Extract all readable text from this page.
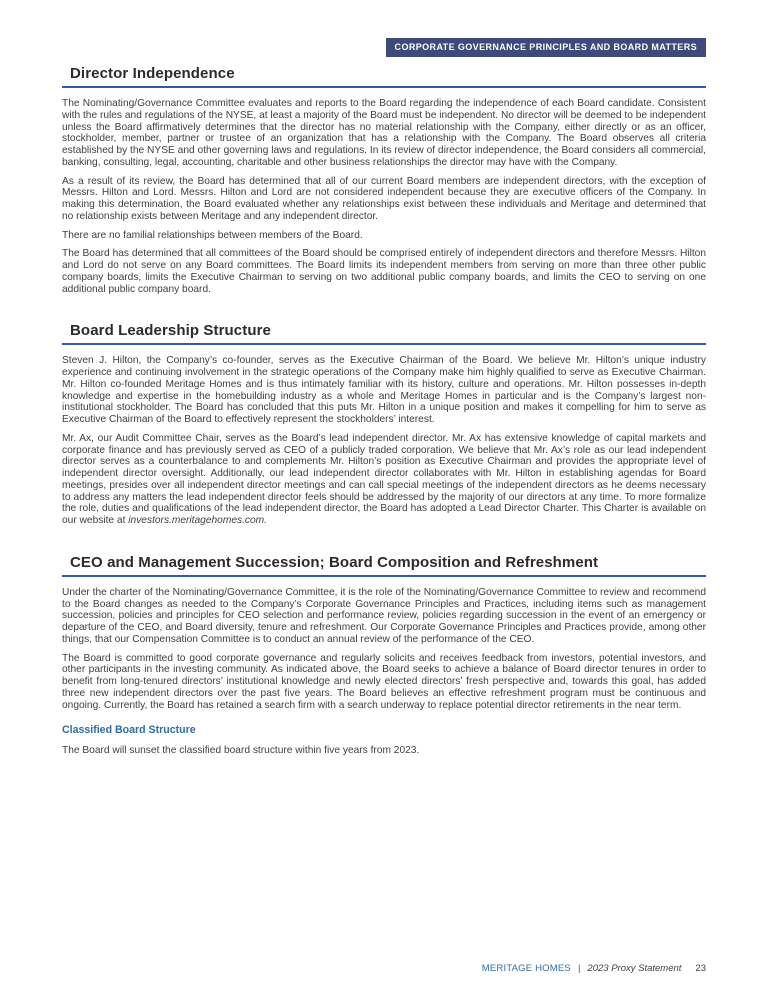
CORPORATE GOVERNANCE PRINCIPLES AND BOARD MATTERS
Director Independence

The Nominating/Governance Committee evaluates and reports to the Board regarding the independence of each Board candidate. Consistent with the rules and regulations of the NYSE, at least a majority of the Board must be independent. No director will be deemed to be independent unless the Board affirmatively determines that the director has no material relationship with the Company, either directly or as an officer, stockholder, member, partner or trustee of an organization that has a relationship with the Company. The Board observes all criteria established by the NYSE and other governing laws and regulations. In its review of director independence, the Board considers all commercial, banking, consulting, legal, accounting, charitable and other business relationships the director may have with the Company.

As a result of its review, the Board has determined that all of our current Board members are independent directors, with the exception of Messrs. Hilton and Lord. Messrs. Hilton and Lord are not considered independent because they are executive officers of the Company. In making this determination, the Board evaluated whether any relationships exist between these individuals and Meritage and determined that no relationship exists between Meritage and any independent director.

There are no familial relationships between members of the Board.

The Board has determined that all committees of the Board should be comprised entirely of independent directors and therefore Messrs. Hilton and Lord do not serve on any Board committees. The Board limits its independent members from serving on more than three other public company boards, limits the Executive Chairman to serving on two additional public company boards, and limits the CEO to serving on one additional public company board.

Board Leadership Structure

Steven J. Hilton, the Company’s co-founder, serves as the Executive Chairman of the Board. We believe Mr. Hilton’s unique industry experience and continuing involvement in the strategic operations of the Company make him highly qualified to serve as Executive Chairman. Mr. Hilton co-founded Meritage Homes and is thus intimately familiar with its history, culture and operations. Mr. Hilton possesses in-depth knowledge and expertise in the homebuilding industry as a whole and Meritage Homes in particular and is the Company’s largest non-institutional stockholder. The Board has concluded that this puts Mr. Hilton in a unique position and makes it compelling for him to serve as Executive Chairman of the Board to effectively represent the stockholders’ interest.

Mr. Ax, our Audit Committee Chair, serves as the Board’s lead independent director. Mr. Ax has extensive knowledge of capital markets and corporate finance and has previously served as CEO of a publicly traded corporation. We believe that Mr. Ax’s role as our lead independent director serves as a counterbalance to and complements Mr. Hilton’s position as Executive Chairman and provides the appropriate level of independent director oversight. Additionally, our lead independent director collaborates with Mr. Hilton in establishing agendas for Board meetings, presides over all independent director meetings and can call special meetings of the independent directors as he deems necessary to address any matters the lead independent director feels should be addressed by the majority of our directors at any time. To more formalize the role, duties and qualifications of the lead independent director, the Board has adopted a Lead Director Charter. This Charter is available on our website at investors.meritagehomes.com.

CEO and Management Succession; Board Composition and Refreshment

Under the charter of the Nominating/Governance Committee, it is the role of the Nominating/Governance Committee to review and recommend to the Board changes as needed to the Company’s Corporate Governance Principles and Practices, including items such as management succession, policies and principles for CEO selection and performance review, policies regarding succession in the event of an emergency or departure of the CEO, and Board diversity, tenure and refreshment. Our Corporate Governance Principles and Practices provide, among other things, that our Compensation Committee is to conduct an annual review of the performance of the CEO.

The Board is committed to good corporate governance and regularly solicits and receives feedback from investors, potential investors, and other participants in the investing community. As indicated above, the Board seeks to achieve a balance of Board director tenures in order to benefit from long-tenured directors’ institutional knowledge and newly elected directors’ fresh perspective and, towards this goal, has added three new independent directors over the past five years. The Board believes an effective refreshment program must be continuous and ongoing. Currently, the Board has retained a search firm with a search underway to replace potential director retirements in the near term.

Classified Board Structure

The Board will sunset the classified board structure within five years from 2023.

MERITAGE HOMES | 2023 Proxy Statement 23
